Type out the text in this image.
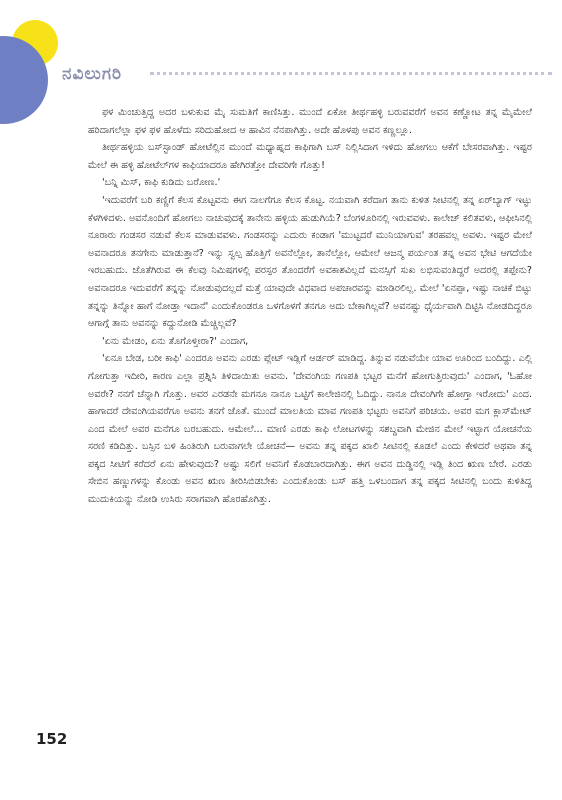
ನವಿಲುಗರಿ

ಫಳ ಮಿಂಚುತ್ತಿದ್ದ ಅದರ ಬಳುಕುವ ಮೈ ಸುಮತಿಗೆ ಕಾಣಿಸಿತ್ತು. ಮುಂದೆ ಏಕೋ ತೀರ್ಥಹಳ್ಳಿ ಬರುವವರೆಗೆ ಅವನ ಕಣ್ಣೋಟ ತನ್ನ ಮೈಮೇಲೆ ಹರಿದಾಗಲೆಲ್ಲಾ ಫಳ ಫಳ ಹೊಳೆದು ಸರಿದುಹೋದ ಆ ಹಾವಿನ ನೆನಪಾಗಿತ್ತು. ಅದೇ ಹೊಳಪು ಅವನ ಕಣ್ಣಲ್ಲೂ.

ತೀರ್ಥಹಳ್ಳಿಯ ಬಸ್‌ಸ್ಟಾಂಡ್ ಹೋಟೆಲ್ಲಿನ ಮುಂದೆ ಮಧ್ಯಾಹ್ನದ ಕಾಫಿಗಾಗಿ ಬಸ್ ನಿಲ್ಲಿಸಿದಾಗ ಇಳಿದು ಹೋಗಲು ಆಕೆಗೆ ಬೇಸರವಾಗಿತ್ತು. ಇಷ್ಟರ ಮೇಲೆ ಈ ಹಳ್ಳಿ ಹೋಟೆಲ್‌ಗಳ ಕಾಫಿಯಾದರೂ ಹೇಗಿರತ್ತೋ ದೇವರಿಗೇ ಗೊತ್ತು!

'ಬನ್ನಿ ಮಿಸ್, ಕಾಫಿ ಕುಡಿದು ಬರೋಣ.'

'ಇದುವರೆಗೆ ಬರಿ ಕಣ್ಣಿಗೆ ಕೆಲಸ ಕೊಟ್ಟವನು ಈಗ ನಾಲಗೆಗೂ ಕೆಲಸ ಕೊಟ್ಟ. ನಯವಾಗಿ ಕರೆದಾಗ ತಾನು ಕುಳಿತ ಸೀಟಿನಲ್ಲಿ ತನ್ನ ಏರ್‌ಬ್ಯಾಗ್ ಇಟ್ಟು ಕೆಳಗಿಳಿದಳು. ಅವನೊಂದಿಗೆ ಹೋಗಲು ನಾಚುವುದಕ್ಕೆ ತಾನೇನು ಹಳ್ಳಿಯ ಹುಡುಗಿಯೆ? ಬೆಂಗಳೂರಿನಲ್ಲಿ ಇರುವವಳು. ಕಾಲೇಜ್ ಕಲಿತವಳು, ಆಫೀಸಿನಲ್ಲಿ ನೂರಾರು ಗಂಡಸರ ನಡುವೆ ಕೆಲಸ ಮಾಡುವವಳು. ಗಂಡಸರನ್ನು ಎದುರು ಕಂಡಾಗ 'ಮುಟ್ಟದರೆ ಮುನಿಯಾಗುವ' ತರಹವಲ್ಲ ಅವಳು. ಇಷ್ಟರ ಮೇಲೆ ಅವನಾದರೂ ತನಗೇನು ಮಾಡುತ್ತಾನೆ? ಇನ್ನು ಸ್ವಲ್ಪ ಹೊತ್ತಿಗೆ ಅವನೆಲ್ಲೋ, ತಾನೆಲ್ಲೋ, ಆಮೇಲೆ ಆಜನ್ಮ ಪರ್ಯಂತ ತನ್ನ ಅವನ ಭೇಟಿ ಆಗದೆಯೇ ಇರಬಹುದು. ಜೊತೆಗಿರುವ ಈ ಕೆಲವು ನಿಮಿಷಗಳಲ್ಲಿ ಪರಸ್ಪರ ತೊಂದರೆಗೆ ಅವಕಾಶವಿಲ್ಲದೆ ಮನಸ್ಸಿಗೆ ಸುಖ ಲಭಿಸುವಂತಿದ್ದರೆ ಅದರಲ್ಲಿ ತಪ್ಪೇನು? ಅವನಾದರೂ ಇದುವರೆಗೆ ತನ್ನನ್ನು ನೋಡುವುದಲ್ಲದೆ ಮತ್ತೆ ಯಾವುದೇ ವಿಧವಾದ ಅಪಚಾರವನ್ನು ಮಾಡಿರಲಿಲ್ಲ. ಮೇಲೆ 'ಏನಪ್ಪಾ, ಇಷ್ಟು ನಾಚಿಕೆ ಬಿಟ್ಟು ತನ್ನನ್ನು ತಿನ್ನೋ ಹಾಗೆ ನೋಡ್ತಾ ಇದಾನೆ' ಎಂದುಕೊಂಡರೂ ಒಳಗೊಳಗೆ ತನಗೂ ಅದು ಬೇಕಾಗಿಲ್ಲವೆ? ಅವನಷ್ಟು ಧೈರ್ಯವಾಗಿ ದಿಟ್ಟಿಸಿ ನೋಡದಿದ್ದರೂ ಆಗಾಗ್ಗೆ ತಾನು ಅವನನ್ನು ಕದ್ದುನೋಡಿ ಮೆಚ್ಚಿಲ್ಲವೆ?

'ಏನು ಮೇಡಂ, ಏನು ತೊಗೊಳ್ತೀರಾ?' ಎಂದಾಗ,

'ಏನೂ ಬೇಡ, ಬರೀ ಕಾಫಿ' ಎಂದರೂ ಅವನು ಎರಡು ಪ್ಲೇಟ್ ಇಡ್ಲಿಗೆ ಆರ್ಡರ್ ಮಾಡಿದ್ದ. ತಿನ್ನುವ ನಡುವೆಯೇ ಯಾವ ಊರಿಂದ ಬಂದಿದ್ದು. ಎಲ್ಲಿ ಗೋಗುತ್ತಾ ಇದೀರಿ, ಕಾರಣ ಎಲ್ಲಾ ಪ್ರಶ್ನಿಸಿ ತಿಳಿದಾಯಿತು ಅವನು. 'ದೇವಂಗಿಯ ಗಣಪತಿ ಭಟ್ಟರ ಮನೆಗೆ ಹೋಗುತ್ತಿರುವುದು' ಎಂದಾಗ, 'ಓಹೋ ಅವರೇ? ನನಗೆ ಚೆನ್ನಾಗಿ ಗೊತ್ತು. ಅವರ ಎರಡನೇ ಮಗನೂ ನಾನೂ ಒಟ್ಟಿಗೆ ಕಾಲೇಜಿನಲ್ಲಿ ಓದಿದ್ದು. ನಾನೂ ದೇವಂಗಿಗೇ ಹೋಗ್ತಾ ಇರೋದು' ಎಂದ. ಹಾಗಾದರೆ ದೇವಂಗಿಯವರೆಗೂ ಅವನು ತನಗೆ ಜೊತೆ. ಮುಂದೆ ಮಾಲತಿಯ ಮಾವ ಗಣಪತಿ ಭಟ್ಟರು ಅವನಿಗೆ ಪರಿಚಯ. ಅವರ ಮಗ ಕ್ಲಾಸ್‌ಮೇಟ್ ಎಂದ ಮೇಲೆ ಅವರ ಮನೆಗೂ ಬರಬಹುದು. ಆಮೇಲೆ... ಮಾಣಿ ಎರಡು ಕಾಫಿ ಲೋಟಗಳನ್ನು ಸಶಬ್ದವಾಗಿ ಮೇಜಿನ ಮೇಲೆ ಇಟ್ಟಾಗ ಯೋಚನೆಯ ಸರಣಿ ಕಡಿದಿತ್ತು. ಬಸ್ಸಿನ ಬಳಿ ಹಿಂತಿರುಗಿ ಬರುವಾಗಲೇ ಯೋಚನೆ— ಅವನು ತನ್ನ ಪಕ್ಕದ ಖಾಲಿ ಸೀಟಿನಲ್ಲಿ ಕೂಡಲೆ ಎಂದು ಕೇಳಿದರೆ ಅಥವಾ ತನ್ನ ಪಕ್ಕದ ಸೀಟಿಗೆ ಕರೆದರೆ ಏನು ಹೇಳುವುದು? ಅಷ್ಟು ಸಲಿಗೆ ಅವನಿಗೆ ಕೊಡಬಾರದಾಗಿತ್ತು. ಈಗ ಅವನ ದುಡ್ಡಿನಲ್ಲಿ ಇಡ್ಲಿ ತಿಂದ ಋಣ ಬೇರೆ. ಎರಡು ಸೇಬಿನ ಹಣ್ಣುಗಳನ್ನು ಕೊಂಡು ಅವನ ಋಣ ತೀರಿಸಿಬಿಡಬೇಕು ಎಂದುಕೊಂಡು ಬಸ್ ಹತ್ತಿ ಒಳಬಂದಾಗ ತನ್ನ ಪಕ್ಕದ ಸೀಟಿನಲ್ಲಿ ಬಂದು ಕುಳಿತಿದ್ದ ಮುದುಕಿಯನ್ನು ನೋಡಿ ಉಸಿರು ಸರಾಗವಾಗಿ ಹೊರಹೊಗಿತ್ತು.

152
